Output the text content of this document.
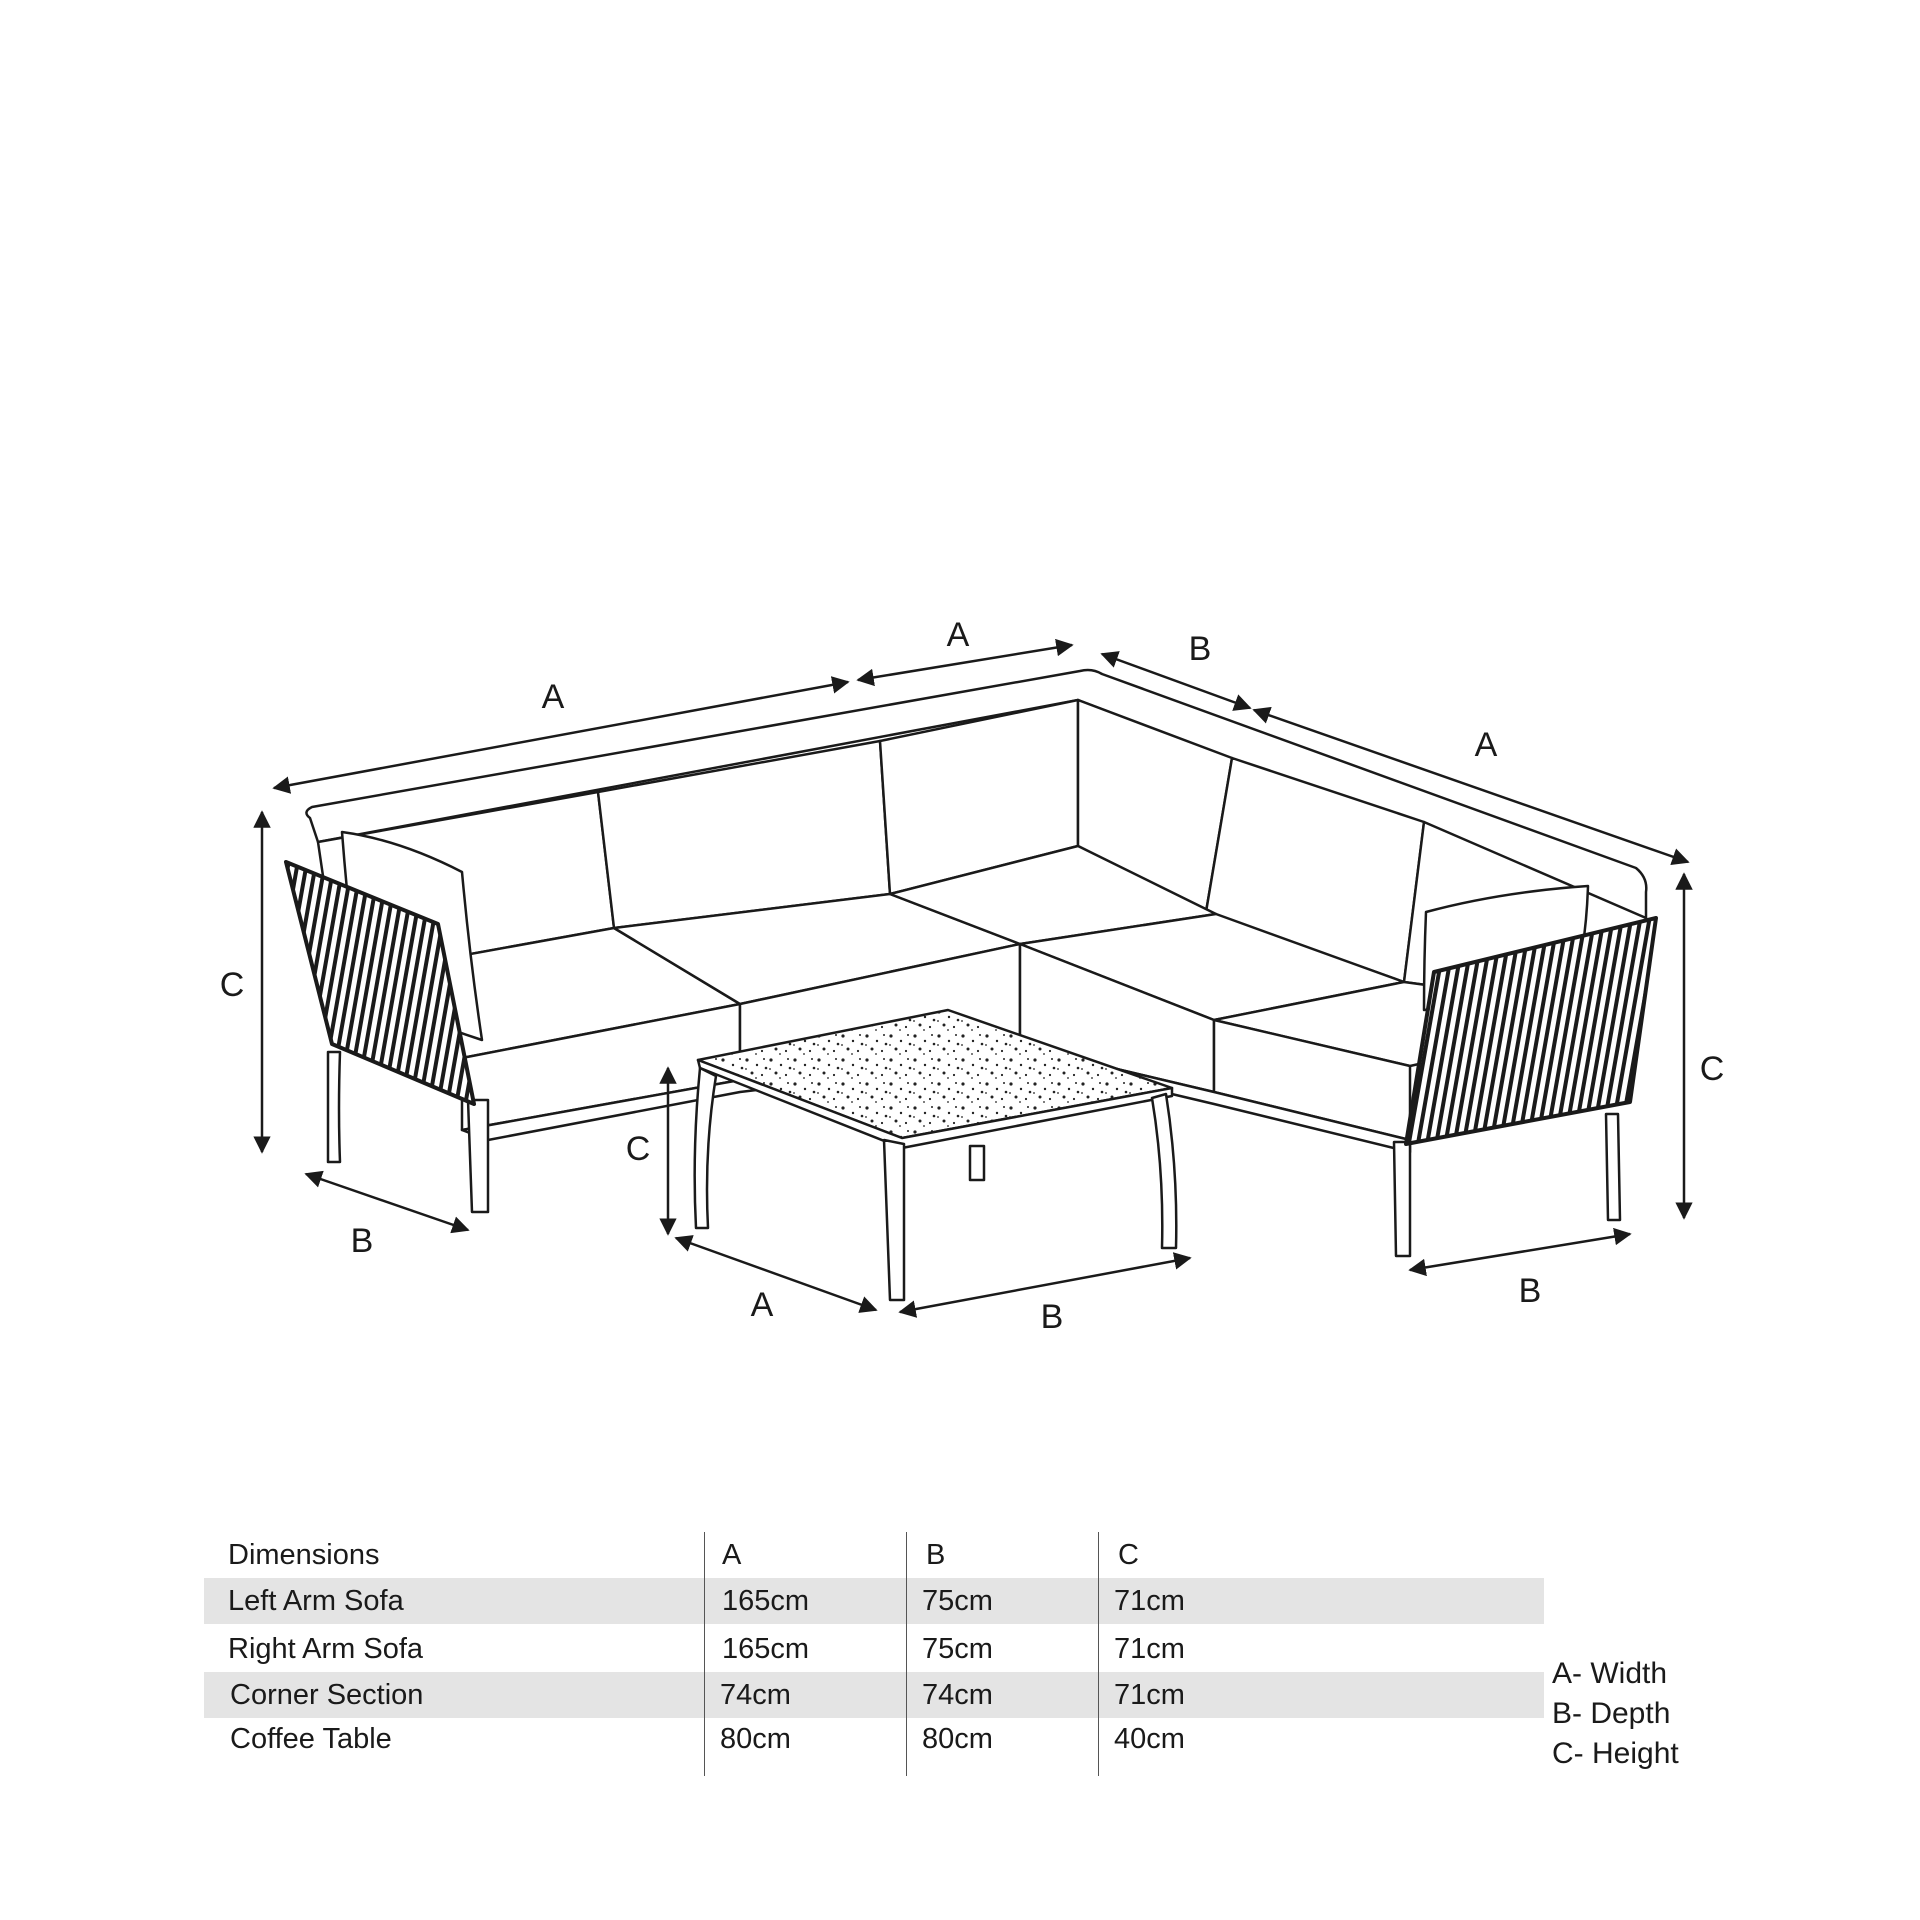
A
A	B
A
C
B
C
A	B
B
C
Dimensions	A	B	C
Left Arm Sofa	165cm	75cm	71cm
Right Arm Sofa	165cm	75cm	71cm
Corner Section	74cm	74cm	71cm
Coffee Table	80cm	80cm	40cm
A- Width
B- Depth
C- Height
